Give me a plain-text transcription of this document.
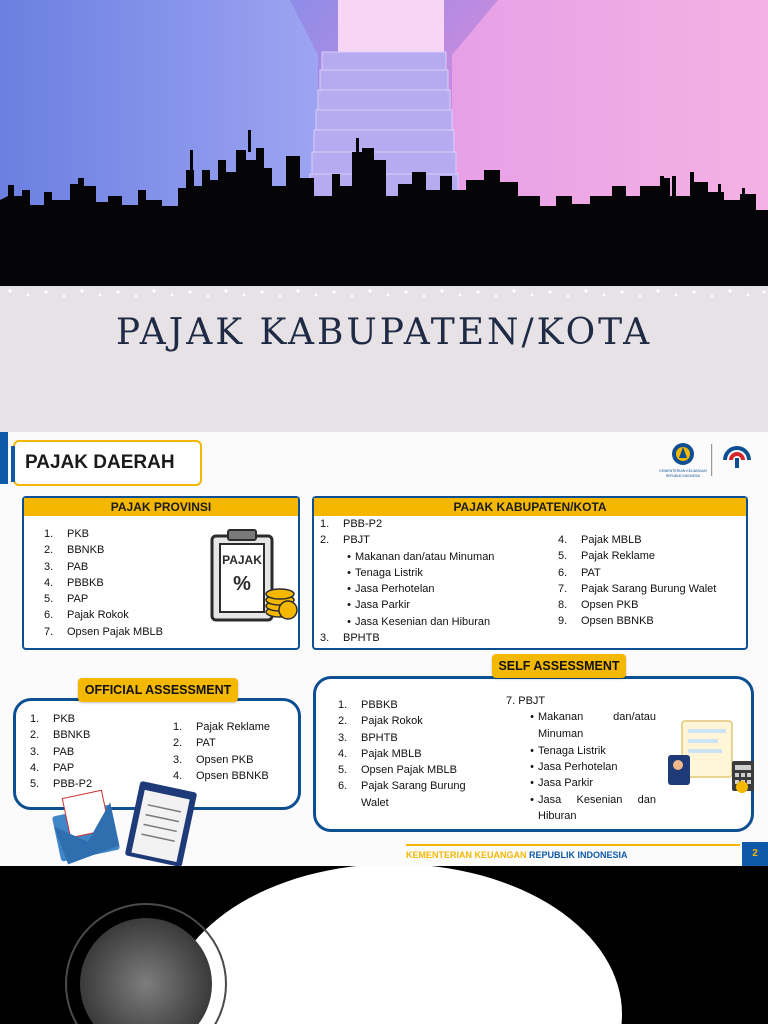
PAJAK KABUPATEN/KOTA
PAJAK DAERAH	KEMENTERIAN KEUANGAN
REPUBLIK INDONESIA
PAJAK PROVINSI
1.	PKB
2.	BBNKB
3.	PAB
4.	PBBKB
5.	PAP
6.	Pajak Rokok
7.	Opsen Pajak MBLB
PAJAK
%
PAJAK KABUPATEN/KOTA
1.	PBB-P2
2.	PBJT
• Makanan dan/atau Minuman
• Tenaga Listrik
• Jasa Perhotelan
• Jasa Parkir
• Jasa Kesenian dan Hiburan
3.	BPHTB
4.	Pajak MBLB
5.	Pajak Reklame
6.	PAT
7.	Pajak Sarang Burung Walet
8.	Opsen PKB
9.	Opsen BBNKB
1.	PKB
2.	BBNKB
3.	PAB
4.	PAP
5.	PBB-P2
1.	Pajak Reklame
2.	PAT
3.	Opsen PKB
4.	Opsen BBNKB
OFFICIAL ASSESSMENT
1.	PBBKB
2.	Pajak Rokok
3.	BPHTB
4.	Pajak MBLB
5.	Opsen Pajak MBLB
6.	Pajak Sarang Burung
Walet
7. PBJT
• Makanan	dan/atau
Minuman
• Tenaga Listrik
• Jasa Perhotelan
• Jasa Parkir
• Jasa Kesenian dan
Hiburan
SELF ASSESSMENT
KEMENTERIAN KEUANGAN REPUBLIK INDONESIA	2
